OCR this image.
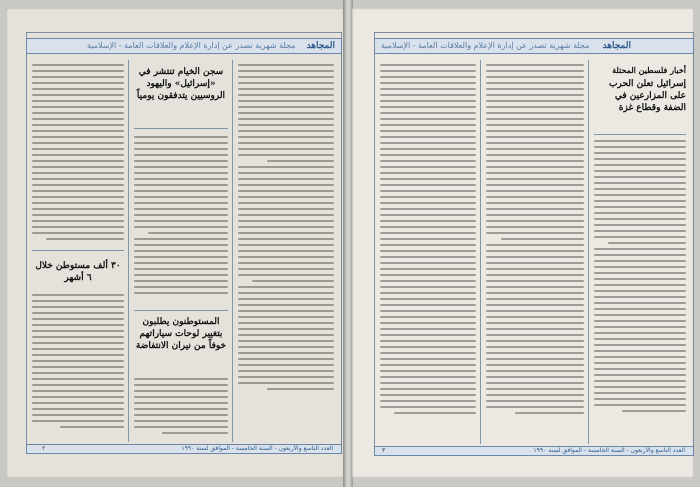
مجلة شهرية تصدر عن إدارة الإعلام والعلاقات العامة - الإسلامية المجاهد
سجن الخيام تنتشر في «إسرائيل» واليهود الروسيين يتدفقون يومياً
المستوطنون يطلبون بتغيير لوحات سياراتهم خوفاً من نيران الانتفاضة
٣٠ ألف مستوطن خلال ٦ أشهر
العدد التاسع والأربعون - السنة الخامسة - الموافق لسنة ١٩٩٠
٢
مجلة شهرية تصدر عن إدارة الإعلام والعلاقات العامة - الإسلامية المجاهد
أخبار فلسطين المحتلة
إسرائيل تعلن الحرب على المزارعين في الضفة وقطاع غزة
العدد التاسع والأربعون - السنة الخامسة - الموافق لسنة ١٩٩٠
٣
